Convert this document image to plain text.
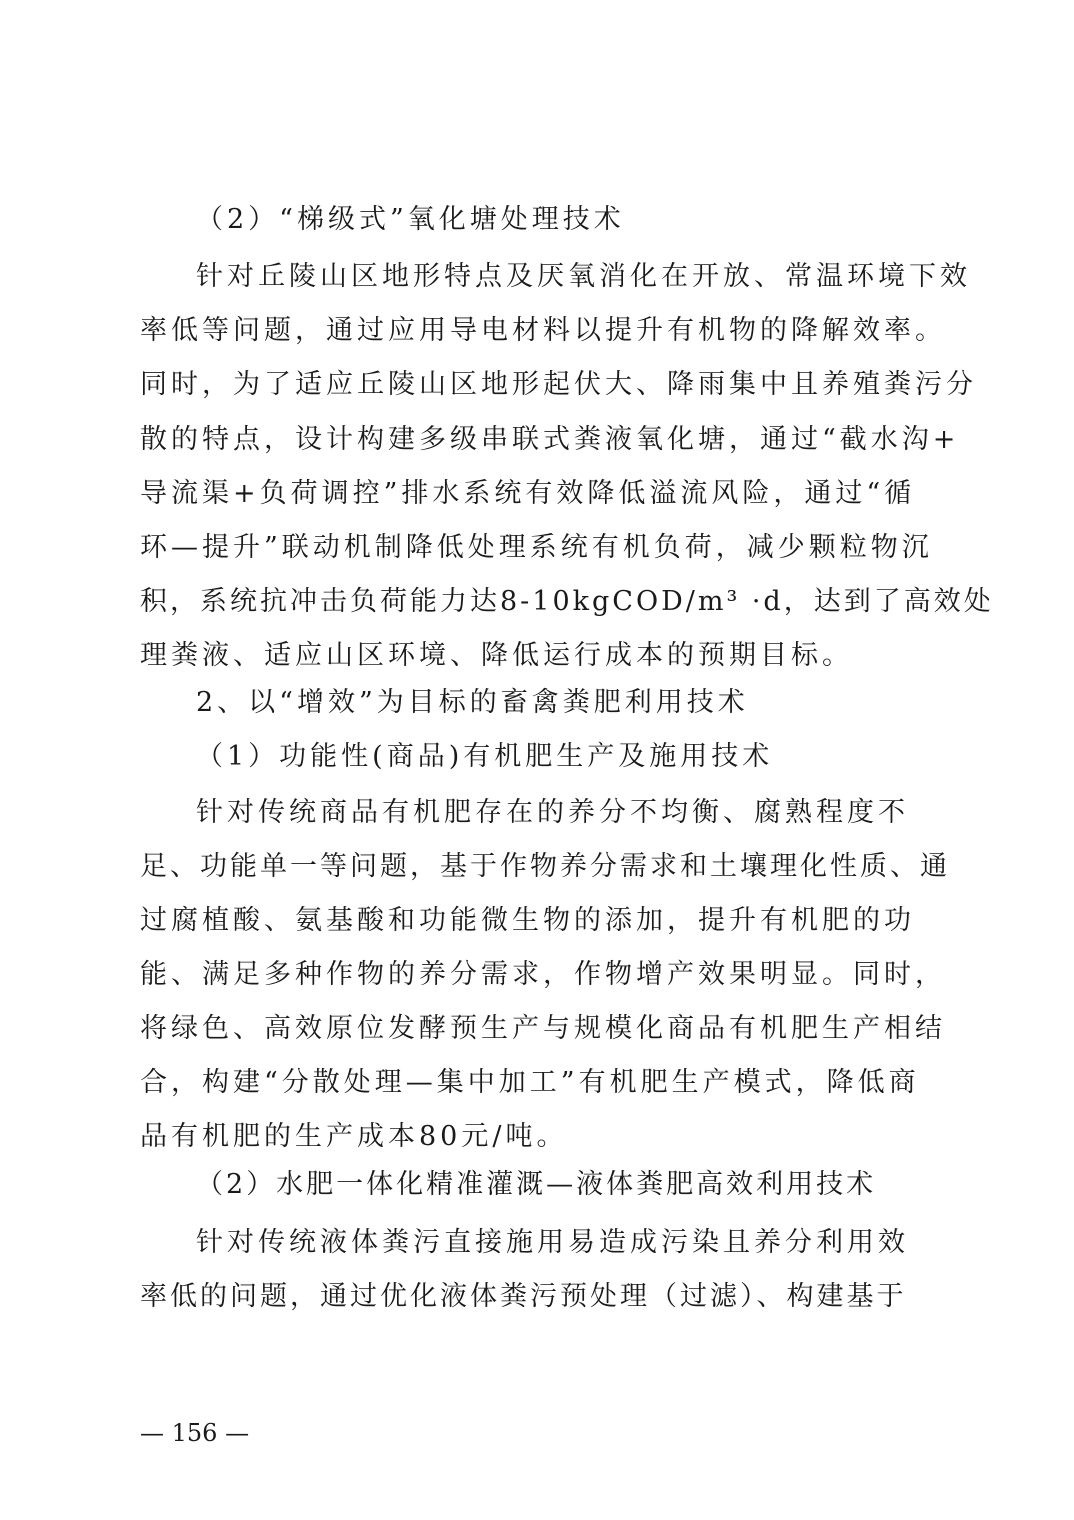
（2）“梯级式”氧化塘处理技术
针对丘陵山区地形特点及厌氧消化在开放、常温环境下效
率低等问题，通过应用导电材料以提升有机物的降解效率。
同时，为了适应丘陵山区地形起伏大、降雨集中且养殖粪污分
散的特点，设计构建多级串联式粪液氧化塘，通过“截水沟+
导流渠+负荷调控”排水系统有效降低溢流风险，通过“循
环—提升”联动机制降低处理系统有机负荷，减少颗粒物沉
积，系统抗冲击负荷能力达8-10kgCOD/m³ ·d，达到了高效处
理粪液、适应山区环境、降低运行成本的预期目标。
2、以“增效”为目标的畜禽粪肥利用技术
（1）功能性(商品)有机肥生产及施用技术
针对传统商品有机肥存在的养分不均衡、腐熟程度不
足、功能单一等问题，基于作物养分需求和土壤理化性质、通
过腐植酸、氨基酸和功能微生物的添加，提升有机肥的功
能、满足多种作物的养分需求，作物增产效果明显。同时，
将绿色、高效原位发酵预生产与规模化商品有机肥生产相结
合，构建“分散处理—集中加工”有机肥生产模式，降低商
品有机肥的生产成本80元/吨。
（2）水肥一体化精准灌溉—液体粪肥高效利用技术
针对传统液体粪污直接施用易造成污染且养分利用效
率低的问题，通过优化液体粪污预处理（过滤）、构建基于
— 156 —
